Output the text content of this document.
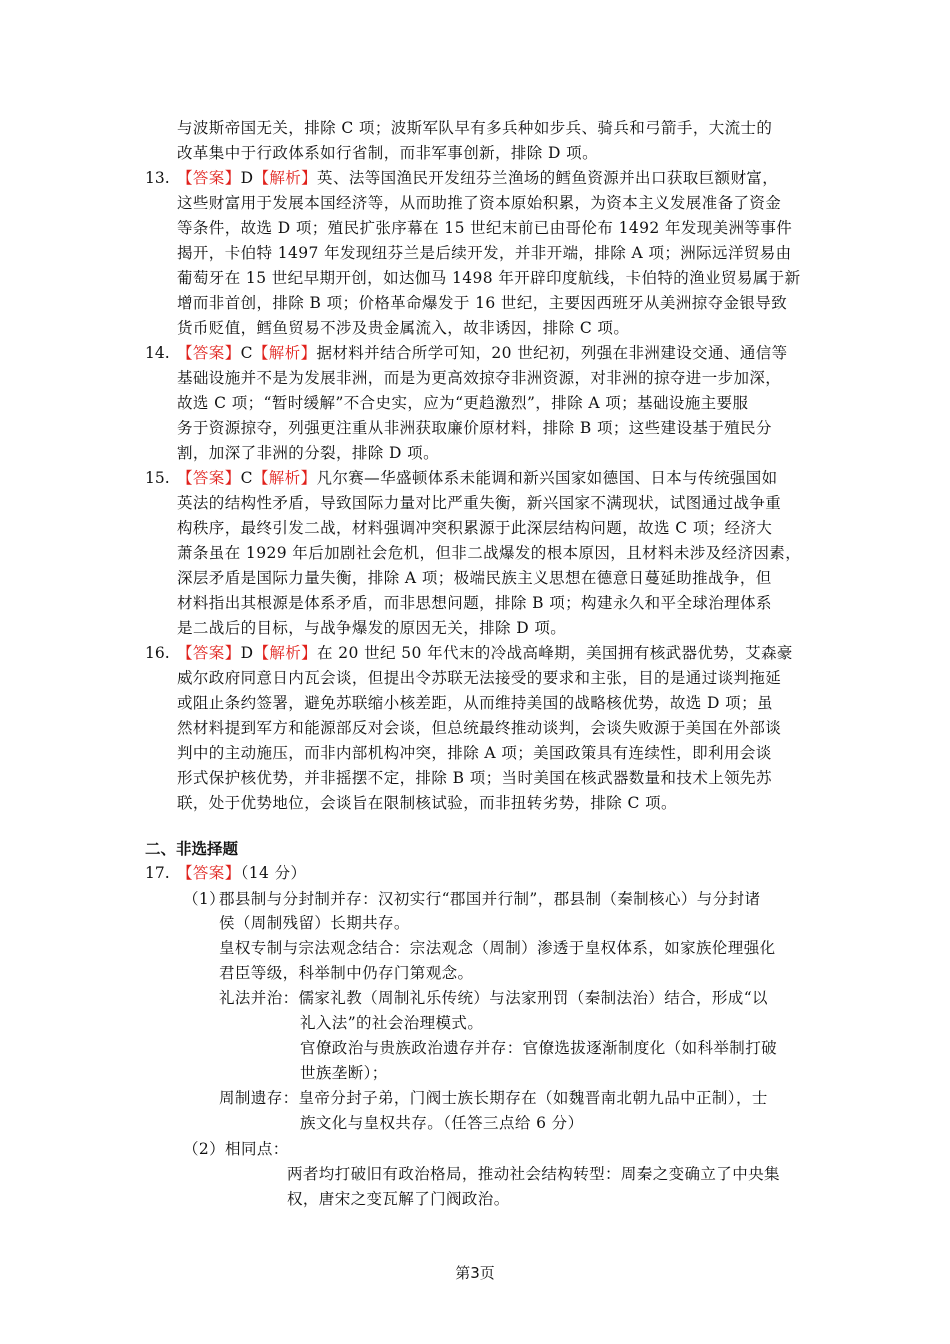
与波斯帝国无关，排除 C 项；波斯军队早有多兵种如步兵、骑兵和弓箭手，大流士的
改革集中于行政体系如行省制，而非军事创新，排除 D 项。
13. 【答案】D【解析】英、法等国渔民开发纽芬兰渔场的鳕鱼资源并出口获取巨额财富，
这些财富用于发展本国经济等，从而助推了资本原始积累，为资本主义发展准备了资金
等条件，故选 D 项；殖民扩张序幕在 15 世纪末前已由哥伦布 1492 年发现美洲等事件
揭开，卡伯特 1497 年发现纽芬兰是后续开发，并非开端，排除 A 项；洲际远洋贸易由
葡萄牙在 15 世纪早期开创，如达伽马 1498 年开辟印度航线，卡伯特的渔业贸易属于新
增而非首创，排除 B 项；价格革命爆发于 16 世纪，主要因西班牙从美洲掠夺金银导致
货币贬值，鳕鱼贸易不涉及贵金属流入，故非诱因，排除 C 项。
14. 【答案】C【解析】据材料并结合所学可知，20 世纪初，列强在非洲建设交通、通信等
基础设施并不是为发展非洲，而是为更高效掠夺非洲资源，对非洲的掠夺进一步加深，
故选 C 项；“暂时缓解”不合史实，应为“更趋激烈”，排除 A 项；基础设施主要服
务于资源掠夺，列强更注重从非洲获取廉价原材料，排除 B 项；这些建设基于殖民分
割，加深了非洲的分裂，排除 D 项。
15. 【答案】C【解析】凡尔赛—华盛顿体系未能调和新兴国家如德国、日本与传统强国如
英法的结构性矛盾，导致国际力量对比严重失衡，新兴国家不满现状，试图通过战争重
构秩序，最终引发二战，材料强调冲突积累源于此深层结构问题，故选 C 项；经济大
萧条虽在 1929 年后加剧社会危机，但非二战爆发的根本原因，且材料未涉及经济因素，
深层矛盾是国际力量失衡，排除 A 项；极端民族主义思想在德意日蔓延助推战争，但
材料指出其根源是体系矛盾，而非思想问题，排除 B 项；构建永久和平全球治理体系
是二战后的目标，与战争爆发的原因无关，排除 D 项。
16. 【答案】D【解析】在 20 世纪 50 年代末的冷战高峰期，美国拥有核武器优势，艾森豪
威尔政府同意日内瓦会谈，但提出令苏联无法接受的要求和主张，目的是通过谈判拖延
或阻止条约签署，避免苏联缩小核差距，从而维持美国的战略核优势，故选 D 项；虽
然材料提到军方和能源部反对会谈，但总统最终推动谈判，会谈失败源于美国在外部谈
判中的主动施压，而非内部机构冲突，排除 A 项；美国政策具有连续性，即利用会谈
形式保护核优势，并非摇摆不定，排除 B 项；当时美国在核武器数量和技术上领先苏
联，处于优势地位，会谈旨在限制核试验，而非扭转劣势，排除 C 项。
二、非选择题
17. 【答案】（14 分）
（1）
郡县制与分封制并存：汉初实行“郡国并行制”，郡县制（秦制核心）与分封诸
侯（周制残留）长期共存。
皇权专制与宗法观念结合：宗法观念（周制）渗透于皇权体系，如家族伦理强化
君臣等级，科举制中仍存门第观念。
礼法并治：儒家礼教（周制礼乐传统）与法家刑罚（秦制法治）结合，形成“以
礼入法”的社会治理模式。
官僚政治与贵族政治遗存并存：官僚选拔逐渐制度化（如科举制打破
世族垄断）；
周制遗存：皇帝分封子弟，门阀士族长期存在（如魏晋南北朝九品中正制），士
族文化与皇权共存。（任答三点给 6 分）
（2）相同点：
两者均打破旧有政治格局，推动社会结构转型：周秦之变确立了中央集
权，唐宋之变瓦解了门阀政治。
第3页
